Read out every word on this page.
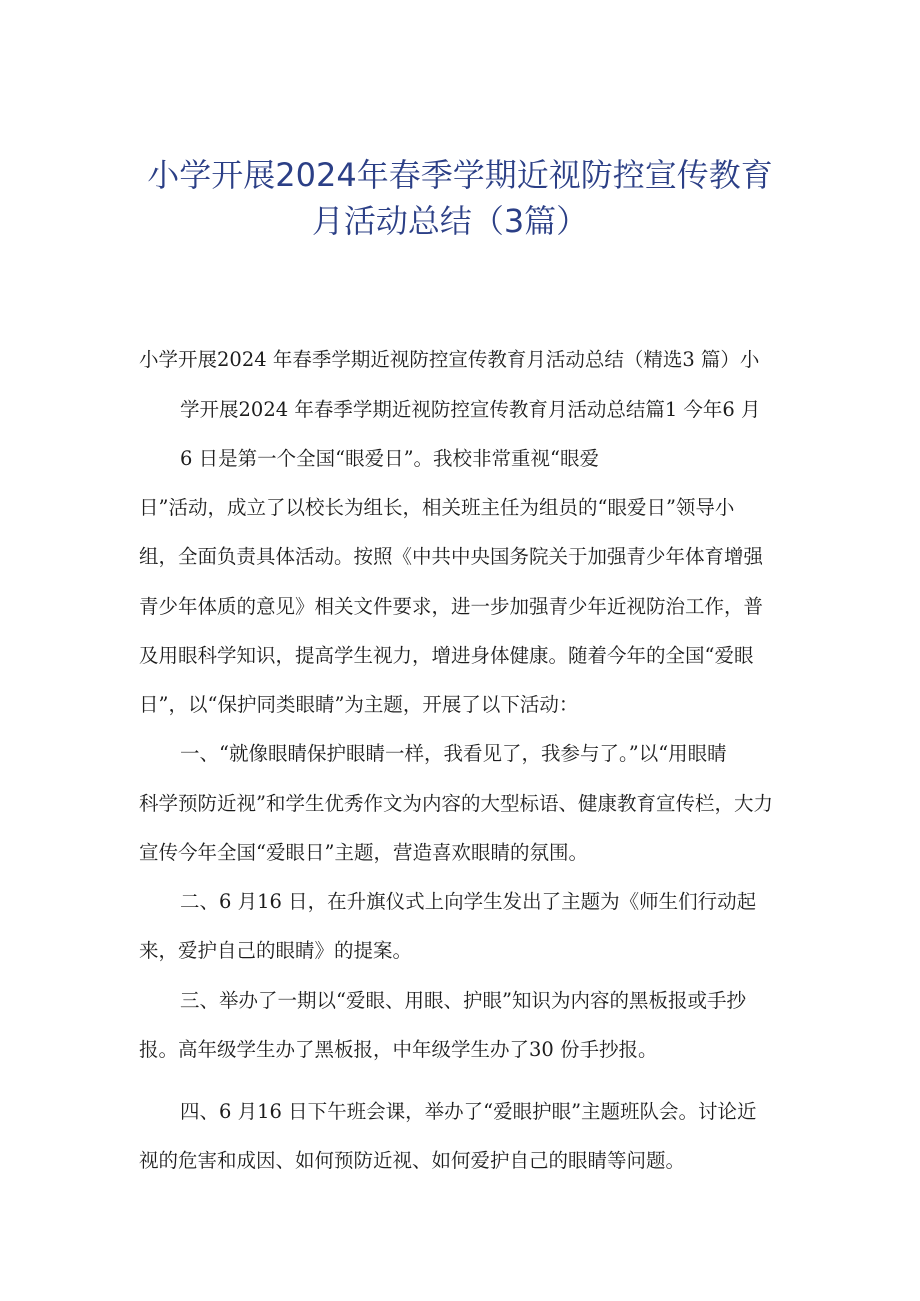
小学开展2024年春季学期近视防控宣传教育
月活动总结（3篇）
小学开展2024 年春季学期近视防控宣传教育月活动总结（精选3 篇）小
学开展2024 年春季学期近视防控宣传教育月活动总结篇1 今年6 月
6 日是第一个全国“眼爱日”。我校非常重视“眼爱
日”活动，成立了以校长为组长，相关班主任为组员的“眼爱日”领导小
组，全面负责具体活动。按照《中共中央国务院关于加强青少年体育增强
青少年体质的意见》相关文件要求，进一步加强青少年近视防治工作，普
及用眼科学知识，提高学生视力，增进身体健康。随着今年的全国“爱眼
日”，以“保护同类眼睛”为主题，开展了以下活动：
一、“就像眼睛保护眼睛一样，我看见了，我参与了。”以“用眼睛
科学预防近视”和学生优秀作文为内容的大型标语、健康教育宣传栏，大力
宣传今年全国“爱眼日”主题，营造喜欢眼睛的氛围。
二、6 月16 日，在升旗仪式上向学生发出了主题为《师生们行动起
来，爱护自己的眼睛》的提案。
三、举办了一期以“爱眼、用眼、护眼”知识为内容的黑板报或手抄
报。高年级学生办了黑板报，中年级学生办了30 份手抄报。
四、6 月16 日下午班会课，举办了“爱眼护眼”主题班队会。讨论近
视的危害和成因、如何预防近视、如何爱护自己的眼睛等问题。
